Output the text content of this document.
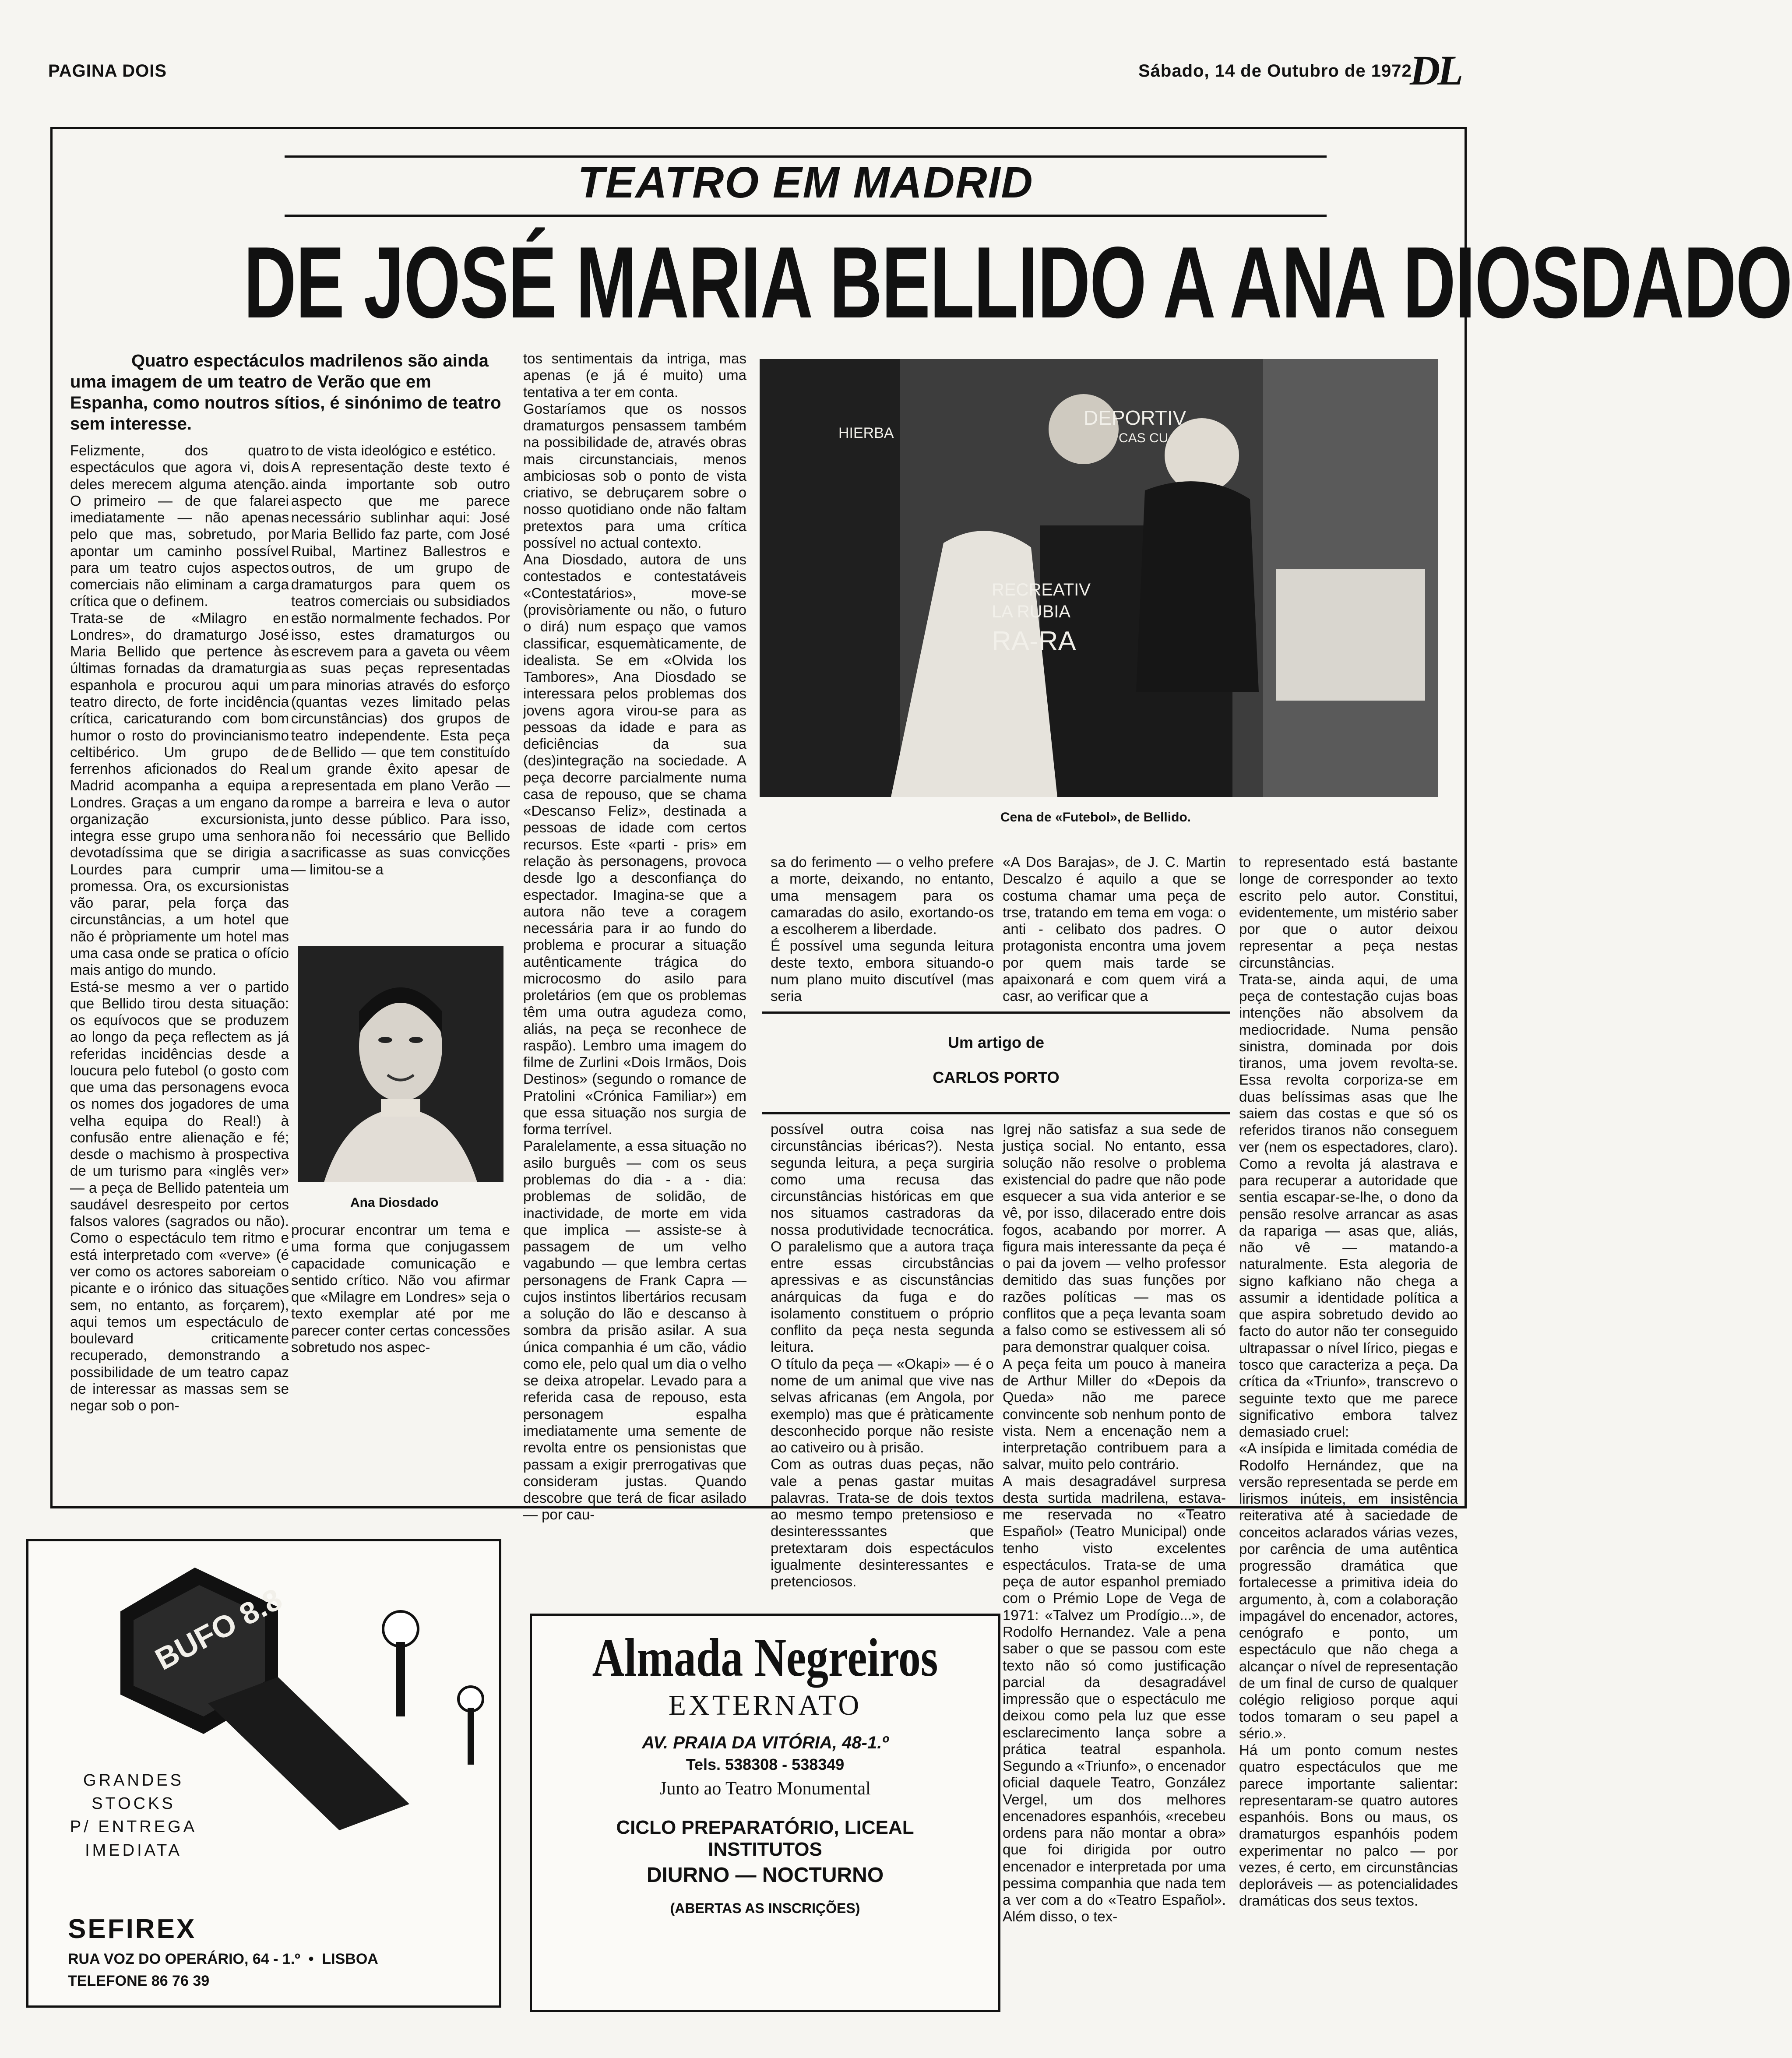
PAGINA DOIS	Sábado, 14 de Outubro de 1972
DL
TEATRO EM MADRID
DE JOSÉ MARIA BELLIDO A ANA DIOSDADO
Quatro espectáculos madrilenos são ainda uma imagem de um teatro de Verão que em Espanha, como noutros sítios, é sinónimo de teatro sem interesse.
Felizmente, dos quatro espectáculos que agora vi, dois deles merecem alguma atenção. O primeiro — de que falarei imediatamente — não apenas pelo que mas, sobretudo, por apontar um caminho possível para um teatro cujos aspectos comerciais não eliminam a carga crítica que o definem.
Trata-se de «Milagro en Londres», do dramaturgo José Maria Bellido que pertence às últimas fornadas da dramaturgia espanhola e procurou aqui um teatro directo, de forte incidência crítica, caricaturando com bom humor o rosto do provincianismo celtibérico. Um grupo de ferrenhos aficionados do Real Madrid acompanha a equipa a Londres. Graças a um engano da organização excursionista, integra esse grupo uma senhora devotadíssima que se dirigia a Lourdes para cumprir uma promessa. Ora, os excursionistas vão parar, pela força das circunstâncias, a um hotel que não é pròpriamente um hotel mas uma casa onde se pratica o ofício mais antigo do mundo.
Está-se mesmo a ver o partido que Bellido tirou desta situação: os equívocos que se produzem ao longo da peça reflectem as já referidas incidências desde a loucura pelo futebol (o gosto com que uma das personagens evoca os nomes dos jogadores de uma velha equipa do Real!) à confusão entre alienação e fé; desde o machismo à prospectiva de um turismo para «inglês ver» — a peça de Bellido patenteia um saudável desrespeito por certos falsos valores (sagrados ou não). Como o espectáculo tem ritmo e está interpretado com «verve» (é ver como os actores saboreiam o picante e o irónico das situações sem, no entanto, as forçarem), aqui temos um espectáculo de boulevard criticamente recuperado, demonstrando a possibilidade de um teatro capaz de interessar as massas sem se negar sob o pon-
to de vista ideológico e estético.
A representação deste texto é ainda importante sob outro aspecto que me parece necessário sublinhar aqui: José Maria Bellido faz parte, com José Ruibal, Martinez Ballestros e outros, de um grupo de dramaturgos para quem os teatros comerciais ou subsidiados estão normalmente fechados. Por isso, estes dramaturgos ou escrevem para a gaveta ou vêem as suas peças representadas para minorias através do esforço (quantas vezes limitado pelas circunstâncias) dos grupos de teatro independente. Esta peça de Bellido — que tem constituído um grande êxito apesar de representada em plano Verão — rompe a barreira e leva o autor junto desse público. Para isso, não foi necessário que Bellido sacrificasse as suas convicções — limitou-se a
Ana Diosdado
procurar encontrar um tema e uma forma que conjugassem capacidade comunicação e sentido crítico. Não vou afirmar que «Milagre em Londres» seja o texto exemplar até por me parecer conter certas concessões sobretudo nos aspec-
tos sentimentais da intriga, mas apenas (e já é muito) uma tentativa a ter em conta.
Gostaríamos que os nossos dramaturgos pensassem também na possibilidade de, através obras mais circunstanciais, menos ambiciosas sob o ponto de vista criativo, se debruçarem sobre o nosso quotidiano onde não faltam pretextos para uma crítica possível no actual contexto.
Ana Diosdado, autora de uns contestados e contestatáveis «Contestatários», move-se (provisòriamente ou não, o futuro o dirá) num espaço que vamos classificar, esquemàticamente, de idealista. Se em «Olvida los Tambores», Ana Diosdado se interessara pelos problemas dos jovens agora virou-se para as pessoas da idade e para as deficiências da sua (des)integração na sociedade. A peça decorre parcialmente numa casa de repouso, que se chama «Descanso Feliz», destinada a pessoas de idade com certos recursos. Este «parti - pris» em relação às personagens, provoca desde lgo a desconfiança do espectador. Imagina-se que a autora não teve a coragem necessária para ir ao fundo do problema e procurar a situação autênticamente trágica do microcosmo do asilo para proletários (em que os problemas têm uma outra agudeza como, aliás, na peça se reconhece de raspão). Lembro uma imagem do filme de Zurlini «Dois Irmãos, Dois Destinos» (segundo o romance de Pratolini «Crónica Familiar») em que essa situação nos surgia de forma terrível.
Paralelamente, a essa situação no asilo burguês — com os seus problemas do dia - a - dia: problemas de solidão, de inactividade, de morte em vida que implica — assiste-se à passagem de um velho vagabundo — que lembra certas personagens de Frank Capra — cujos instintos libertários recusam a solução do lão e descanso à sombra da prisão asilar. A sua única companhia é um cão, vádio como ele, pelo qual um dia o velho se deixa atropelar. Levado para a referida casa de repouso, esta personagem espalha imediatamente uma semente de revolta entre os pensionistas que passam a exigir prerrogativas que consideram justas. Quando descobre que terá de ficar asilado — por cau-
DEPORTIV
CAS CU
RECREATIV
LA RUBIA
RA-RA
HIERBA
Cena de «Futebol», de Bellido.
sa do ferimento — o velho prefere a morte, deixando, no entanto, uma mensagem para os camaradas do asilo, exortando-os a escolherem a liberdade.
É possível uma segunda leitura deste texto, embora situando-o num plano muito discutível (mas seria
«A Dos Barajas», de J. C. Martin Descalzo é aquilo a que se costuma chamar uma peça de trse, tratando em tema em voga: o anti - celibato dos padres. O protagonista encontra uma jovem por quem mais tarde se apaixonará e com quem virá a casr, ao verificar que a
to representado está bastante longe de corresponder ao texto escrito pelo autor. Constitui, evidentemente, um mistério saber por que o autor deixou representar a peça nestas circunstâncias.
Trata-se, ainda aqui, de uma peça de contestação cujas boas intenções não absolvem da mediocridade. Numa pensão sinistra, dominada por dois tiranos, uma jovem revolta-se. Essa revolta corporiza-se em duas belíssimas asas que lhe saiem das costas e que só os referidos tiranos não conseguem ver (nem os espectadores, claro). Como a revolta já alastrava e para recuperar a autoridade que sentia escapar-se-lhe, o dono da pensão resolve arrancar as asas da rapariga — asas que, aliás, não vê — matando-a naturalmente. Esta alegoria de signo kafkiano não chega a assumir a identidade política a que aspira sobretudo devido ao facto do autor não ter conseguido ultrapassar o nível lírico, piegas e tosco que caracteriza a peça. Da crítica da «Triunfo», transcrevo o seguinte texto que me parece significativo embora talvez demasiado cruel:
«A insípida e limitada comédia de Rodolfo Hernández, que na versão representada se perde em lirismos inúteis, em insistência reiterativa até à saciedade de conceitos aclarados várias vezes, por carência de uma autêntica progressão dramática que fortalecesse a primitiva ideia do argumento, à, com a colaboração impagável do encenador, actores, cenógrafo e ponto, um espectáculo que não chega a alcançar o nível de representação de um final de curso de qualquer colégio religioso porque aqui todos tomaram o seu papel a sério.».
Há um ponto comum nestes quatro espectáculos que me parece importante salientar: representaram-se quatro autores espanhóis. Bons ou maus, os dramaturgos espanhóis podem experimentar no palco — por vezes, é certo, em circunstâncias deploráveis — as potencialidades dramáticas dos seus textos.
Um artigo de
CARLOS PORTO
possível outra coisa nas circunstâncias ibéricas?). Nesta segunda leitura, a peça surgiria como uma recusa das circunstâncias históricas em que nos situamos castradoras da nossa produtividade tecnocrática. O paralelismo que a autora traça entre essas circubstâncias apressivas e as ciscunstâncias anárquicas da fuga e do isolamento constituem o próprio conflito da peça nesta segunda leitura.
O título da peça — «Okapi» — é o nome de um animal que vive nas selvas africanas (em Angola, por exemplo) mas que é pràticamente desconhecido porque não resiste ao cativeiro ou à prisão.
Com as outras duas peças, não vale a penas gastar muitas palavras. Trata-se de dois textos ao mesmo tempo pretensioso e desinteresssantes que pretextaram dois espectáculos igualmente desinteressantes e pretenciosos.
Igrej não satisfaz a sua sede de justiça social. No entanto, essa solução não resolve o problema existencial do padre que não pode esquecer a sua vida anterior e se vê, por isso, dilacerado entre dois fogos, acabando por morrer. A figura mais interessante da peça é o pai da jovem — velho professor demitido das suas funções por razões políticas — mas os conflitos que a peça levanta soam a falso como se estivessem ali só para demonstrar qualquer coisa.
A peça feita um pouco à maneira de Arthur Miller do «Depois da Queda» não me parece convincente sob nenhum ponto de vista. Nem a encenação nem a interpretação contribuem para a salvar, muito pelo contrário.
A mais desagradável surpresa desta surtida madrilena, estava-me reservada no «Teatro Español» (Teatro Municipal) onde tenho visto excelentes espectáculos. Trata-se de uma peça de autor espanhol premiado com o Prémio Lope de Vega de 1971: «Talvez um Prodígio...», de Rodolfo Hernandez. Vale a pena saber o que se passou com este texto não só como justificação parcial da desagradável impressão que o espectáculo me deixou como pela luz que esse esclarecimento lança sobre a prática teatral espanhola. Segundo a «Triunfo», o encenador oficial daquele Teatro, González Vergel, um dos melhores encenadores espanhóis, «recebeu ordens para não montar a obra» que foi dirigida por outro encenador e interpretada por uma pessima companhia que nada tem a ver com a do «Teatro Español». Além disso, o tex-
BUFO 8.8
GRANDES
STOCKS
P/ ENTREGA
IMEDIATA
SEFIREX
RUA VOZ DO OPERÁRIO, 64 - 1.º  •  LISBOA
TELEFONE 86 76 39
Almada Negreiros
EXTERNATO
AV. PRAIA DA VITÓRIA, 48-1.º
Tels. 538308 - 538349
Junto ao Teatro Monumental
CICLO PREPARATÓRIO, LICEAL
INSTITUTOS
DIURNO — NOCTURNO
(ABERTAS AS INSCRIÇÕES)
